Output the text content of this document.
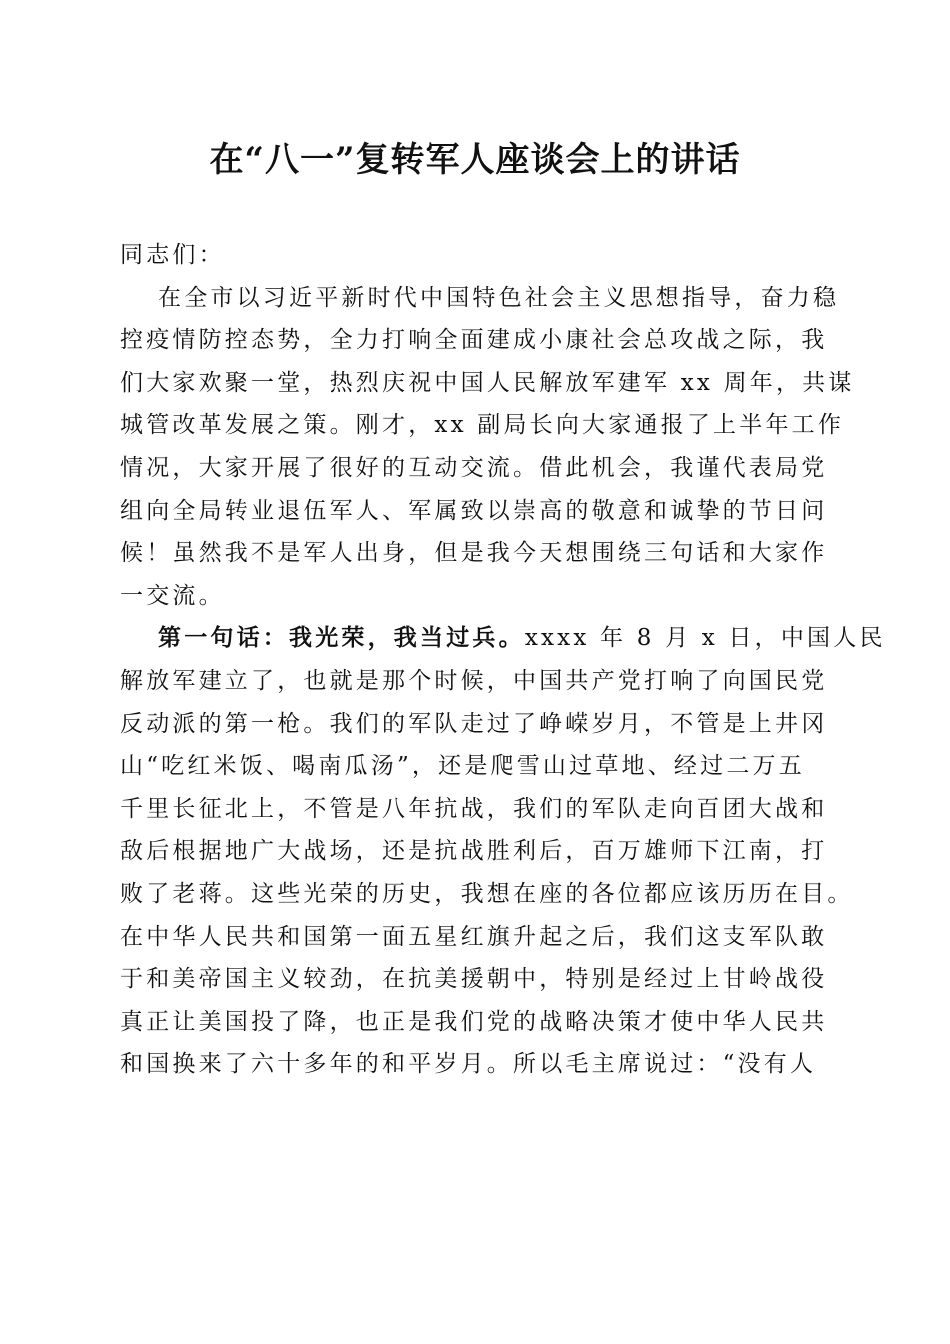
在“八一”复转军人座谈会上的讲话
同志们：
在全市以习近平新时代中国特色社会主义思想指导，奋力稳
控疫情防控态势，全力打响全面建成小康社会总攻战之际，我
们大家欢聚一堂，热烈庆祝中国人民解放军建军 xx 周年，共谋
城管改革发展之策。刚才，xx 副局长向大家通报了上半年工作
情况，大家开展了很好的互动交流。借此机会，我谨代表局党
组向全局转业退伍军人、军属致以崇高的敬意和诚挚的节日问
候！虽然我不是军人出身，但是我今天想围绕三句话和大家作
一交流。
第一句话：我光荣，我当过兵。xxxx 年 8 月 x 日，中国人民
解放军建立了，也就是那个时候，中国共产党打响了向国民党
反动派的第一枪。我们的军队走过了峥嵘岁月，不管是上井冈
山“吃红米饭、喝南瓜汤”，还是爬雪山过草地、经过二万五
千里长征北上，不管是八年抗战，我们的军队走向百团大战和
敌后根据地广大战场，还是抗战胜利后，百万雄师下江南，打
败了老蒋。这些光荣的历史，我想在座的各位都应该历历在目。
在中华人民共和国第一面五星红旗升起之后，我们这支军队敢
于和美帝国主义较劲，在抗美援朝中，特别是经过上甘岭战役
真正让美国投了降，也正是我们党的战略决策才使中华人民共
和国换来了六十多年的和平岁月。所以毛主席说过：“没有人
